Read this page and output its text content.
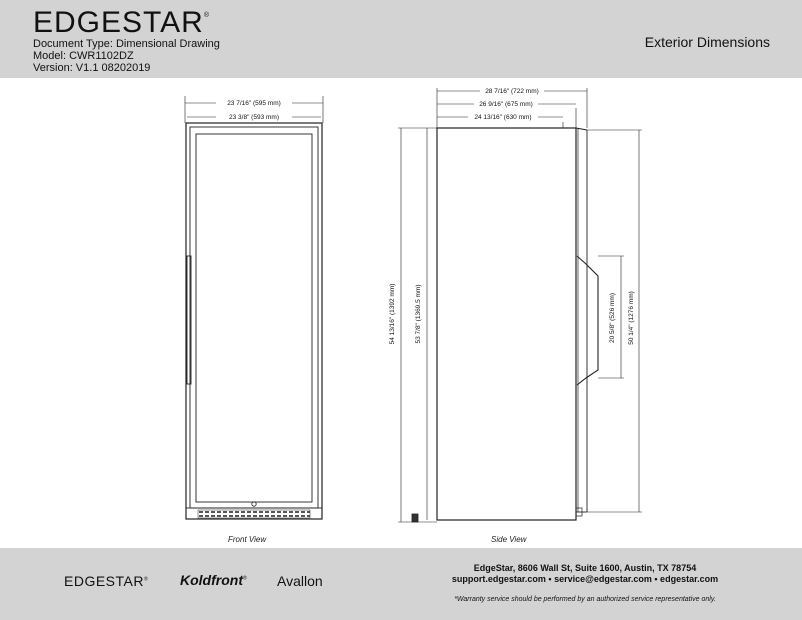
EDGESTAR®
Document Type: Dimensional Drawing
Model: CWR1102DZ
Version: V1.1 08202019
Exterior Dimensions
23 7/16" (595 mm)
23 3/8" (593 mm)
28 7/16" (722 mm)
26 9/16" (675 mm)
24 13/16" (630 mm)
54 13/16" (1392 mm)	53 7/8" (1369.5 mm)	20 5/8" (526 mm) 50 1/4" (1276 mm)
Front View	Side View
EDGESTAR® Koldfront® Avallon
EdgeStar, 8606 Wall St, Suite 1600, Austin, TX 78754
support.edgestar.com • service@edgestar.com • edgestar.com
*Warranty service should be performed by an authorized service representative only.
